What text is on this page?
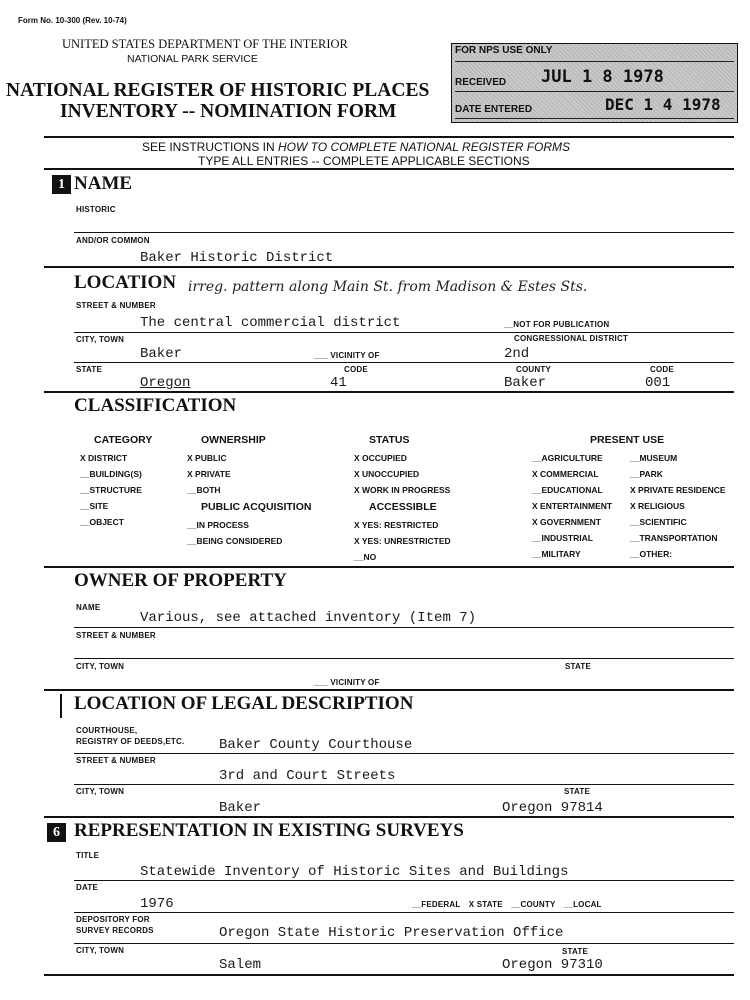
Form No. 10-300 (Rev. 10-74)
UNITED STATES DEPARTMENT OF THE INTERIOR
NATIONAL PARK SERVICE
NATIONAL REGISTER OF HISTORIC PLACES
INVENTORY -- NOMINATION FORM
FOR NPS USE ONLY
RECEIVED JUL 1 8 1978
DATE ENTERED	DEC 1 4 1978
SEE INSTRUCTIONS IN HOW TO COMPLETE NATIONAL REGISTER FORMS
TYPE ALL ENTRIES -- COMPLETE APPLICABLE SECTIONS
1 NAME
HISTORIC
AND/OR COMMON
Baker Historic District
LOCATION irreg. pattern along Main St. from Madison & Estes Sts.
STREET & NUMBER
The central commercial district	__NOT FOR PUBLICATION
CITY, TOWN	CONGRESSIONAL DISTRICT
Baker	___ VICINITY OF	2nd
STATE	CODE	COUNTY	CODE
Oregon	41	Baker	001
CLASSIFICATION
CATEGORY
X DISTRICT
__BUILDING(S)
__STRUCTURE
__SITE
__OBJECT
OWNERSHIP
X PUBLIC
X PRIVATE
__BOTH
PUBLIC ACQUISITION
__IN PROCESS
__BEING CONSIDERED
STATUS
X OCCUPIED
X UNOCCUPIED
X WORK IN PROGRESS
ACCESSIBLE
X YES: RESTRICTED
X YES: UNRESTRICTED
__NO
PRESENT USE
__AGRICULTURE
X COMMERCIAL
__EDUCATIONAL
X ENTERTAINMENT
X GOVERNMENT
__INDUSTRIAL
__MILITARY
__MUSEUM
__PARK
X PRIVATE RESIDENCE
X RELIGIOUS
__SCIENTIFIC
__TRANSPORTATION
__OTHER:
OWNER OF PROPERTY
NAME
Various, see attached inventory (Item 7)
STREET & NUMBER
CITY, TOWN	STATE
___ VICINITY OF
LOCATION OF LEGAL DESCRIPTION
COURTHOUSE,
REGISTRY OF DEEDS,ETC. Baker County Courthouse
STREET & NUMBER
3rd and Court Streets
CITY, TOWN	STATE
Baker	Oregon 97814
6 REPRESENTATION IN EXISTING SURVEYS
TITLE
Statewide Inventory of Historic Sites and Buildings
DATE
1976	__FEDERAL X STATE __COUNTY __LOCAL
DEPOSITORY FOR
SURVEY RECORDS	Oregon State Historic Preservation Office
CITY, TOWN	STATE
Salem	Oregon 97310
